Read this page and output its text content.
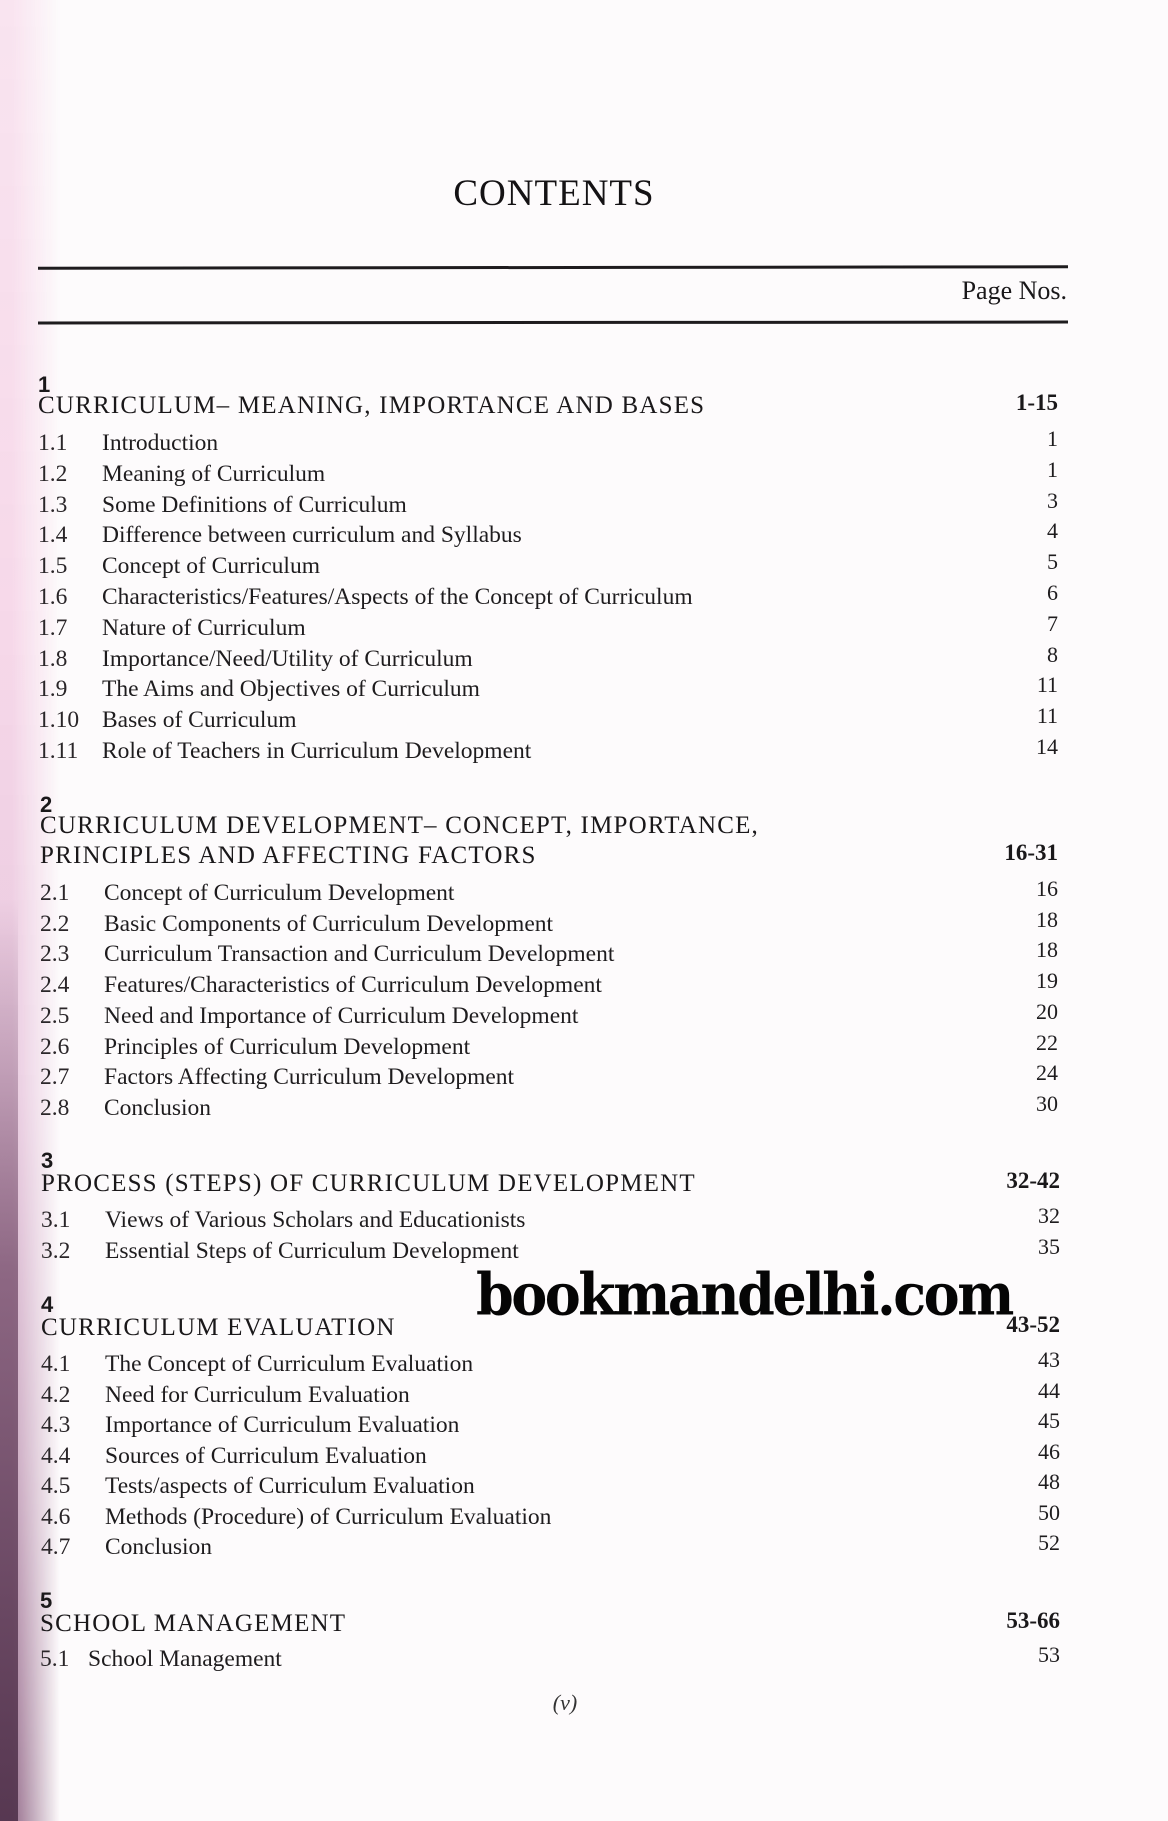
CONTENTS
Page Nos.
1
CURRICULUM– MEANING, IMPORTANCE AND BASES	1-15
1.1 Introduction	1
1.2 Meaning of Curriculum	1
1.3 Some Definitions of Curriculum	3
1.4 Difference between curriculum and Syllabus	4
1.5 Concept of Curriculum	5
1.6 Characteristics/Features/Aspects of the Concept of Curriculum	6
1.7 Nature of Curriculum	7
1.8 Importance/Need/Utility of Curriculum	8
1.9 The Aims and Objectives of Curriculum	11
1.10 Bases of Curriculum	11
1.11 Role of Teachers in Curriculum Development	14
2
CURRICULUM DEVELOPMENT– CONCEPT, IMPORTANCE,
PRINCIPLES AND AFFECTING FACTORS	16-31
2.1 Concept of Curriculum Development	16
2.2 Basic Components of Curriculum Development	18
2.3 Curriculum Transaction and Curriculum Development	18
2.4 Features/Characteristics of Curriculum Development	19
2.5 Need and Importance of Curriculum Development	20
2.6 Principles of Curriculum Development	22
2.7 Factors Affecting Curriculum Development	24
2.8 Conclusion	30
3
PROCESS (STEPS) OF CURRICULUM DEVELOPMENT	32-42
3.1 Views of Various Scholars and Educationists	32
3.2 Essential Steps of Curriculum Development	35
4
CURRICULUM EVALUATION	43-52
4.1 The Concept of Curriculum Evaluation	43
4.2 Need for Curriculum Evaluation	44
4.3 Importance of Curriculum Evaluation	45
4.4 Sources of Curriculum Evaluation	46
4.5 Tests/aspects of Curriculum Evaluation	48
4.6 Methods (Procedure) of Curriculum Evaluation	50
4.7 Conclusion	52
5
SCHOOL MANAGEMENT	53-66
5.1 School Management	53
bookmandelhi.com
(v)
